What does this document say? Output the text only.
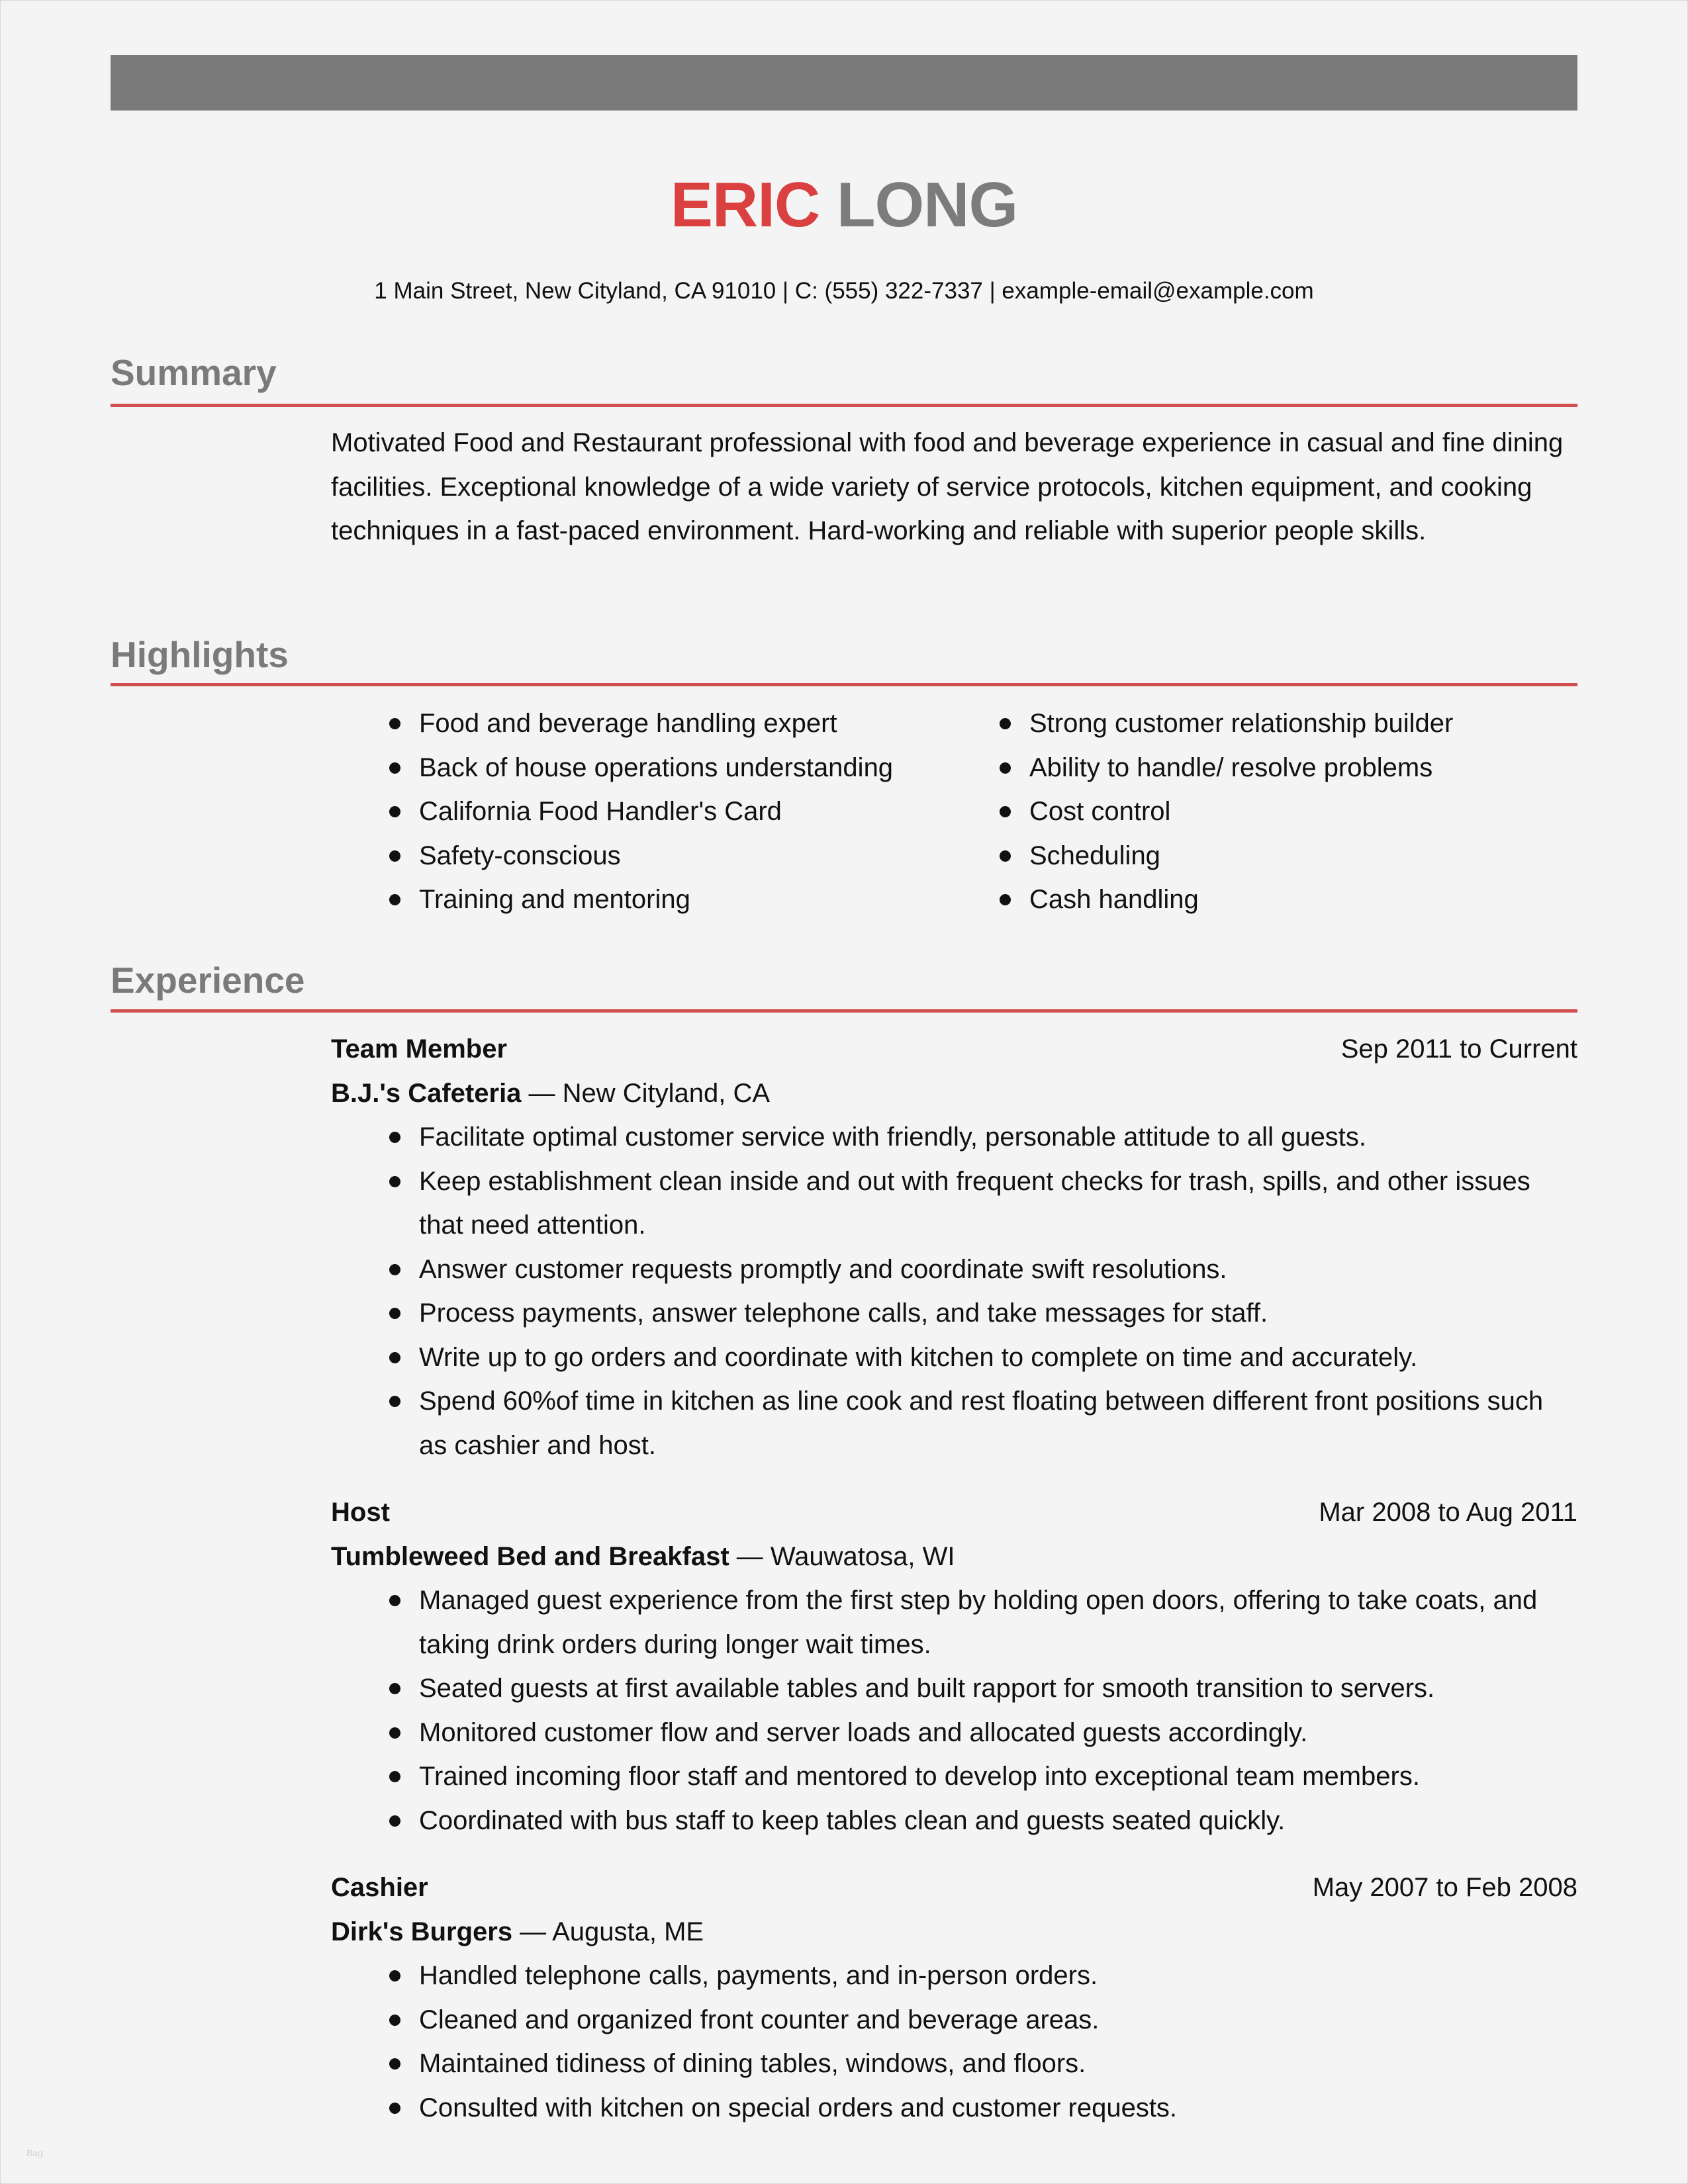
ERIC LONG
1 Main Street, New Cityland, CA 91010 | C: (555) 322-7337 | example-email@example.com
Summary
Motivated Food and Restaurant professional with food and beverage experience in casual and fine dining facilities. Exceptional knowledge of a wide variety of service protocols, kitchen equipment, and cooking techniques in a fast-paced environment. Hard-working and reliable with superior people skills.
Highlights
Food and beverage handling expert
Back of house operations understanding
California Food Handler's Card
Safety-conscious
Training and mentoring
Strong customer relationship builder
Ability to handle/ resolve problems
Cost control
Scheduling
Cash handling
Experience
Team Member	Sep 2011 to Current
B.J.'s Cafeteria — New Cityland, CA
Facilitate optimal customer service with friendly, personable attitude to all guests.
Keep establishment clean inside and out with frequent checks for trash, spills, and other issues that need attention.
Answer customer requests promptly and coordinate swift resolutions.
Process payments, answer telephone calls, and take messages for staff.
Write up to go orders and coordinate with kitchen to complete on time and accurately.
Spend 60%of time in kitchen as line cook and rest floating between different front positions such as cashier and host.
Host	Mar 2008 to Aug 2011
Tumbleweed Bed and Breakfast — Wauwatosa, WI
Managed guest experience from the first step by holding open doors, offering to take coats, and taking drink orders during longer wait times.
Seated guests at first available tables and built rapport for smooth transition to servers.
Monitored customer flow and server loads and allocated guests accordingly.
Trained incoming floor staff and mentored to develop into exceptional team members.
Coordinated with bus staff to keep tables clean and guests seated quickly.
Cashier	May 2007 to Feb 2008
Dirk's Burgers — Augusta, ME
Handled telephone calls, payments, and in-person orders.
Cleaned and organized front counter and beverage areas.
Maintained tidiness of dining tables, windows, and floors.
Consulted with kitchen on special orders and customer requests.
Bag
